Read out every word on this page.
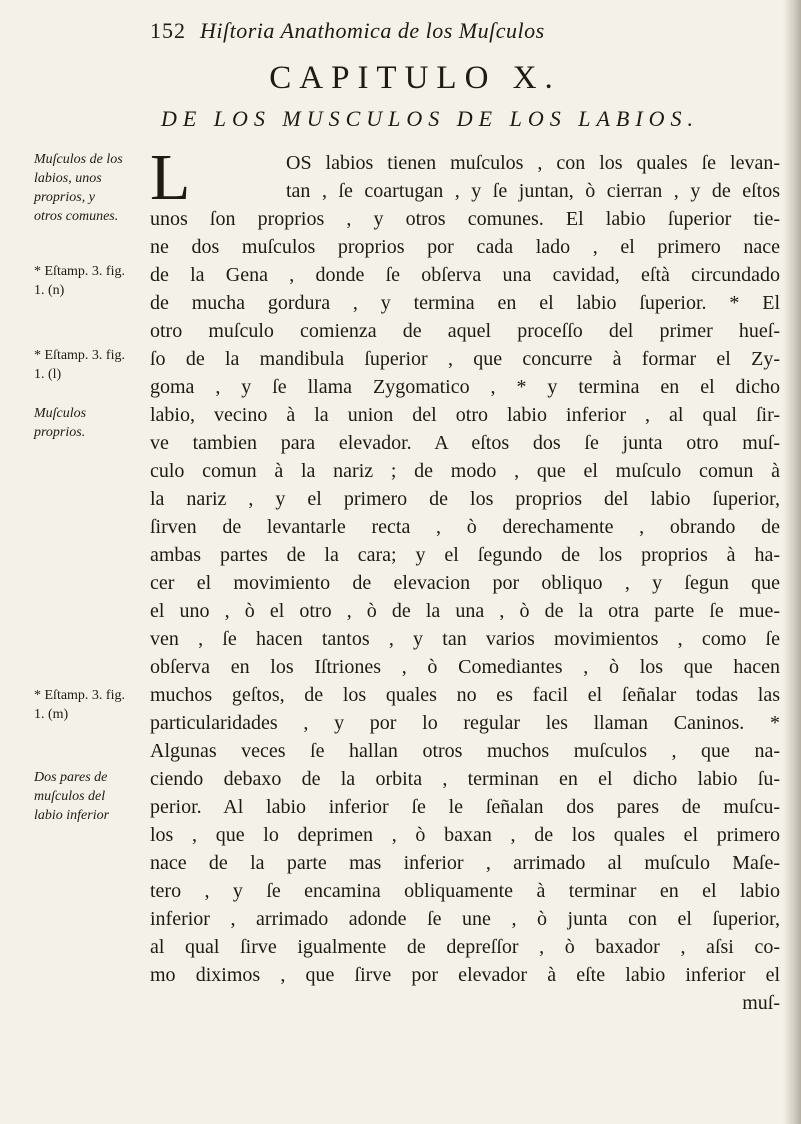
152 Hiſtoria Anathomica de los Muſculos
CAPITULO X.
DE LOS MUSCULOS DE LOS LABIOS.
L
Muſculos de los labios, unos proprios, y otros comunes.
* Eſtamp. 3. fig. 1. (n)
* Eſtamp. 3. fig. 1. (l)
Muſculos proprios.
* Eſtamp. 3. fig. 1. (m)
Dos pares de muſculos del labio inferior
OS labios tienen muſculos , con los quales ſe levan-
tan , ſe coartugan , y ſe juntan, ò cierran , y de eſtos
unos ſon proprios , y otros comunes. El labio ſuperior tie-
ne dos muſculos proprios por cada lado , el primero nace
de la Gena , donde ſe obſerva una cavidad, eſtà circundado
de mucha gordura , y termina en el labio ſuperior. * El
otro muſculo comienza de aquel proceſſo del primer hueſ-
ſo de la mandibula ſuperior , que concurre à formar el Zy-
goma , y ſe llama Zygomatico , * y termina en el dicho
labio, vecino à la union del otro labio inferior , al qual ſir-
ve tambien para elevador. A eſtos dos ſe junta otro muſ-
culo comun à la nariz ; de modo , que el muſculo comun à
la nariz , y el primero de los proprios del labio ſuperior,
ſirven de levantarle recta , ò derechamente , obrando de
ambas partes de la cara; y el ſegundo de los proprios à ha-
cer el movimiento de elevacion por obliquo , y ſegun que
el uno , ò el otro , ò de la una , ò de la otra parte ſe mue-
ven , ſe hacen tantos , y tan varios movimientos , como ſe
obſerva en los Iſtriones , ò Comediantes , ò los que hacen
muchos geſtos, de los quales no es facil el ſeñalar todas las
particularidades , y por lo regular les llaman Caninos. *
Algunas veces ſe hallan otros muchos muſculos , que na-
ciendo debaxo de la orbita , terminan en el dicho labio ſu-
perior. Al labio inferior ſe le ſeñalan dos pares de muſcu-
los , que lo deprimen , ò baxan , de los quales el primero
nace de la parte mas inferior , arrimado al muſculo Maſe-
tero , y ſe encamina obliquamente à terminar en el labio
inferior , arrimado adonde ſe une , ò junta con el ſuperior,
al qual ſirve igualmente de depreſſor , ò baxador , aſsi co-
mo diximos , que ſirve por elevador à eſte labio inferior el
muſ-
